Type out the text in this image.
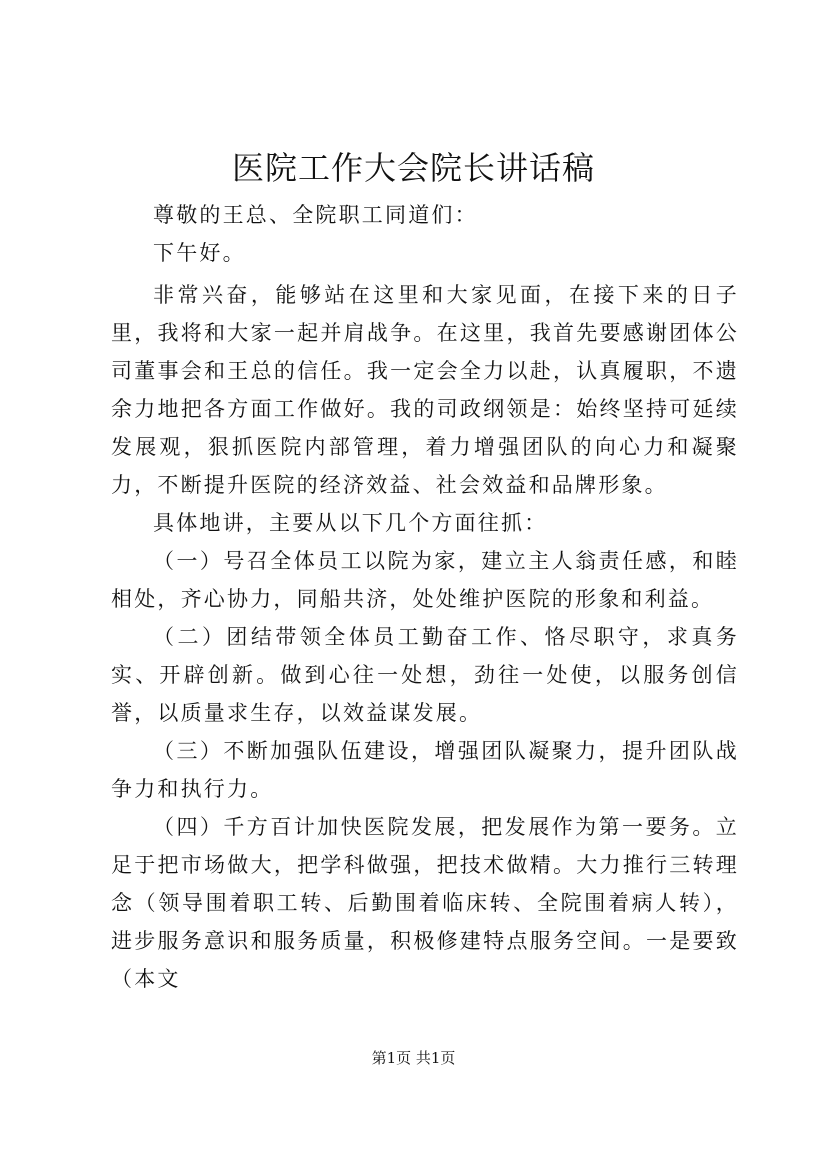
医院工作大会院长讲话稿

尊敬的王总、全院职工同道们：

下午好。

非常兴奋，能够站在这里和大家见面，在接下来的日子里，我将和大家一起并肩战争。在这里，我首先要感谢团体公司董事会和王总的信任。我一定会全力以赴，认真履职，不遗余力地把各方面工作做好。我的司政纲领是：始终坚持可延续发展观，狠抓医院内部管理，着力增强团队的向心力和凝聚力，不断提升医院的经济效益、社会效益和品牌形象。

具体地讲，主要从以下几个方面往抓：

（一）号召全体员工以院为家，建立主人翁责任感，和睦相处，齐心协力，同船共济，处处维护医院的形象和利益。

（二）团结带领全体员工勤奋工作、恪尽职守，求真务实、开辟创新。做到心往一处想，劲往一处使，以服务创信誉，以质量求生存，以效益谋发展。

（三）不断加强队伍建设，增强团队凝聚力，提升团队战争力和执行力。

（四）千方百计加快医院发展，把发展作为第一要务。立足于把市场做大，把学科做强，把技术做精。大力推行三转理念（领导围着职工转、后勤围着临床转、全院围着病人转），进步服务意识和服务质量，积极修建特点服务空间。一是要致（本文

第1页 共1页
